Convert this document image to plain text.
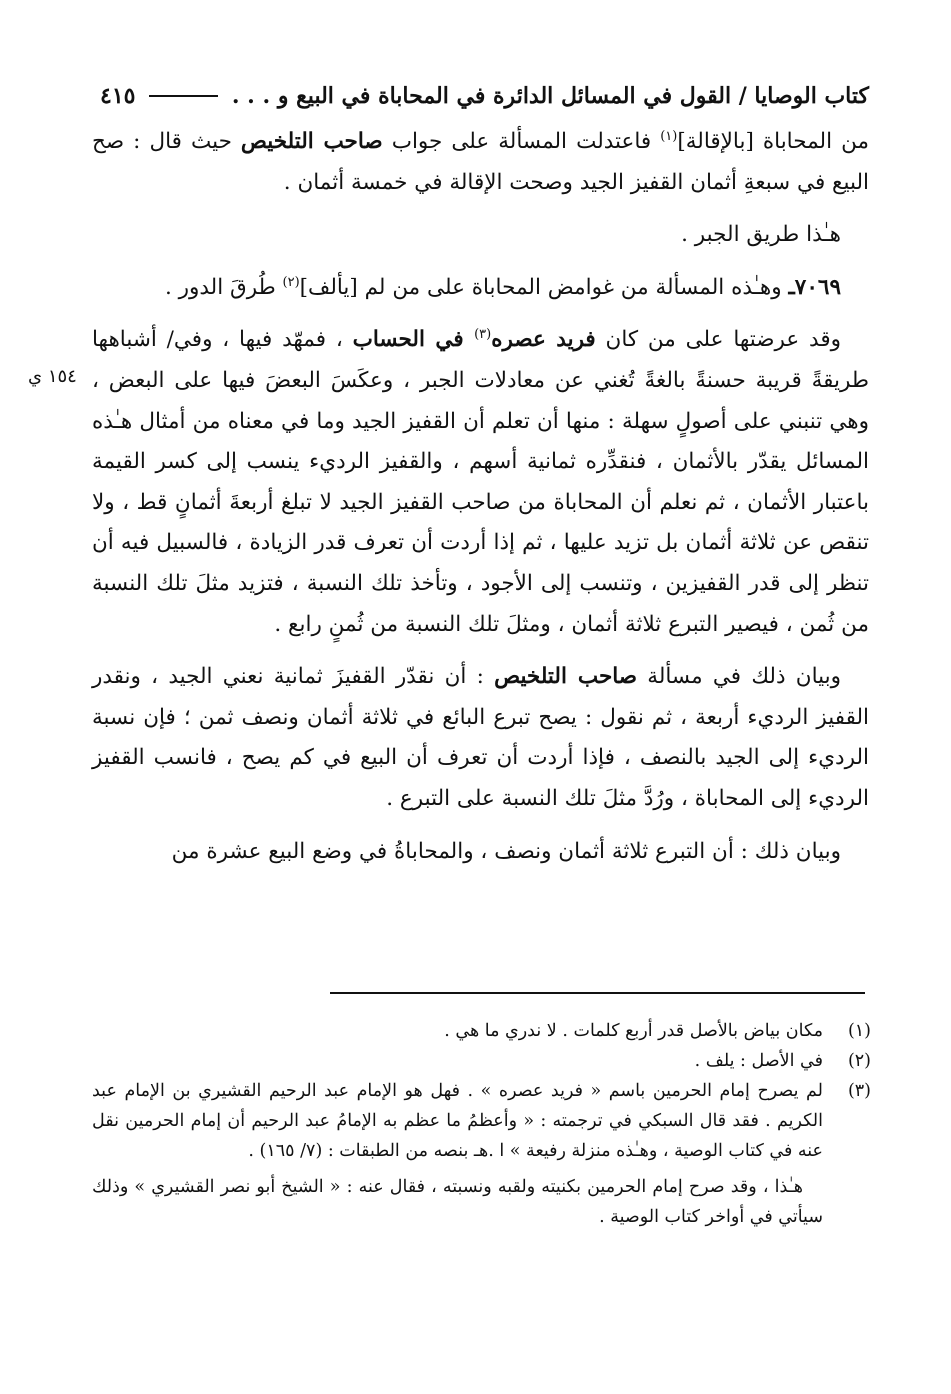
كتاب الوصايا / القول في المسائل الدائرة في المحاباة في البيع و . . .
٤١٥
١٥٤ ي

من المحاباة [بالإقالة]$^{(١)}$ فاعتدلت المسألة على جواب صاحب التلخيص حيث قال : صح البيع في سبعةِ أثمان القفيز الجيد وصحت الإقالة في خمسة أثمان .

هـٰذا طريق الجبر .

٧٠٦٩ـ وهـٰذه المسألة من غوامض المحاباة على من لم [يألف]$^{(٢)}$ طُرقَ الدور .

وقد عرضتها على من كان فريد عصره$^{(٣)}$ في الحساب ، فمهّد فيها ، وفي/ أشباهها طريقةً قريبة حسنةً بالغةً تُغني عن معادلات الجبر ، وعكَسَ البعضَ فيها على البعض ، وهي تنبني على أصولٍ سهلة : منها أن تعلم أن القفيز الجيد وما في معناه من أمثال هـٰذه المسائل يقدّر بالأثمان ، فنقدِّره ثمانية أسهم ، والقفيز الرديء ينسب إلى كسر القيمة باعتبار الأثمان ، ثم نعلم أن المحاباة من صاحب القفيز الجيد لا تبلغ أربعةَ أثمانٍ قط ، ولا تنقص عن ثلاثة أثمان بل تزيد عليها ، ثم إذا أردت أن تعرف قدر الزيادة ، فالسبيل فيه أن تنظر إلى قدر القفيزين ، وتنسب إلى الأجود ، وتأخذ تلك النسبة ، فتزيد مثلَ تلك النسبة من ثُمن ، فيصير التبرع ثلاثة أثمان ، ومثلَ تلك النسبة من ثُمنٍ رابع .

وبيان ذلك في مسألة صاحب التلخيص : أن نقدّر القفيزَ ثمانية نعني الجيد ، ونقدر القفيز الرديء أربعة ، ثم نقول : يصح تبرع البائع في ثلاثة أثمان ونصف ثمن ؛ فإن نسبة الرديء إلى الجيد بالنصف ، فإذا أردت أن تعرف أن البيع في كم يصح ، فانسب القفيز الرديء إلى المحاباة ، ورُدَّ مثلَ تلك النسبة على التبرع .

وبيان ذلك : أن التبرع ثلاثة أثمان ونصف ، والمحاباةُ في وضع البيع عشرة من

(١)
مكان بياض بالأصل قدر أربع كلمات . لا ندري ما هي .
(٢)
في الأصل : يلف .
(٣)
لم يصرح إمام الحرمين باسم « فريد عصره » . فهل هو الإمام عبد الرحيم القشيري بن الإمام عبد الكريم . فقد قال السبكي في ترجمته : « وأعظمُ ما عظم به الإمامُ عبد الرحيم أن إمام الحرمين نقل عنه في كتاب الوصية ، وهـٰذه منزلة رفيعة » ا .هـ بنصه من الطبقات : (٧/ ١٦٥) .

هـٰذا ، وقد صرح إمام الحرمين بكنيته ولقبه ونسبته ، فقال عنه : « الشيخ أبو نصر القشيري » وذلك سيأتي في أواخر كتاب الوصية .
